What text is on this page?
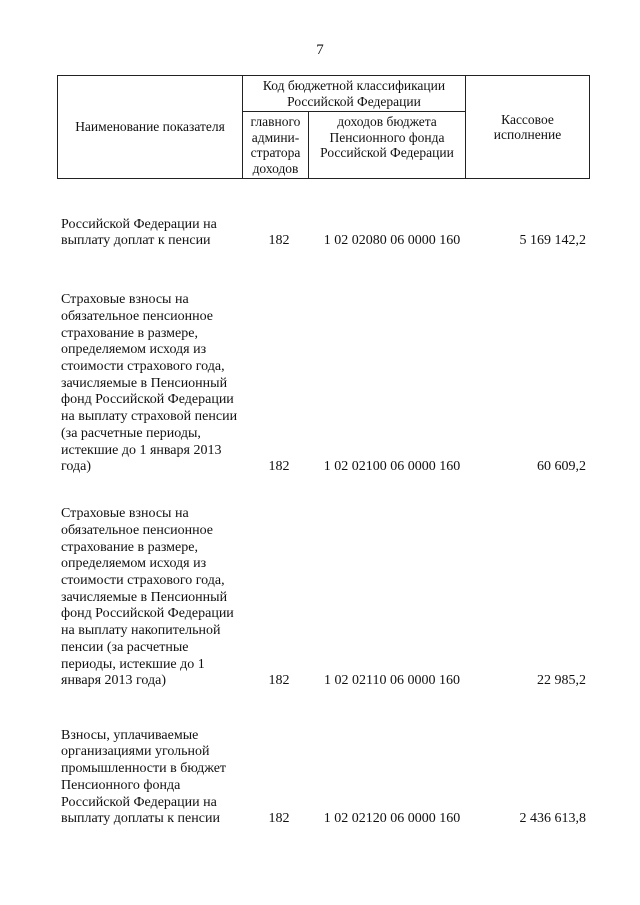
7
Наименование показателя	Код бюджетной классификации Российской Федерации		Кассовое исполнение
	главного админи-стратора доходов	доходов бюджета Пенсионного фонда Российской Федерации	
Российской Федерации на выплату доплат к пенсии	182	1 02 02080 06 0000 160	5 169 142,2
Страховые взносы на обязательное пенсионное страхование в размере, определяемом исходя из стоимости страхового года, зачисляемые в Пенсионный фонд Российской Федерации на выплату страховой пенсии (за расчетные периоды, истекшие до 1 января 2013 года)	182	1 02 02100 06 0000 160	60 609,2
Страховые взносы на обязательное пенсионное страхование в размере, определяемом исходя из стоимости страхового года, зачисляемые в Пенсионный фонд Российской Федерации на выплату накопительной пенсии (за расчетные периоды, истекшие до 1 января 2013 года)	182	1 02 02110 06 0000 160	22 985,2
Взносы, уплачиваемые организациями угольной промышленности в бюджет Пенсионного фонда Российской Федерации на выплату доплаты к пенсии	182	1 02 02120 06 0000 160	2 436 613,8
